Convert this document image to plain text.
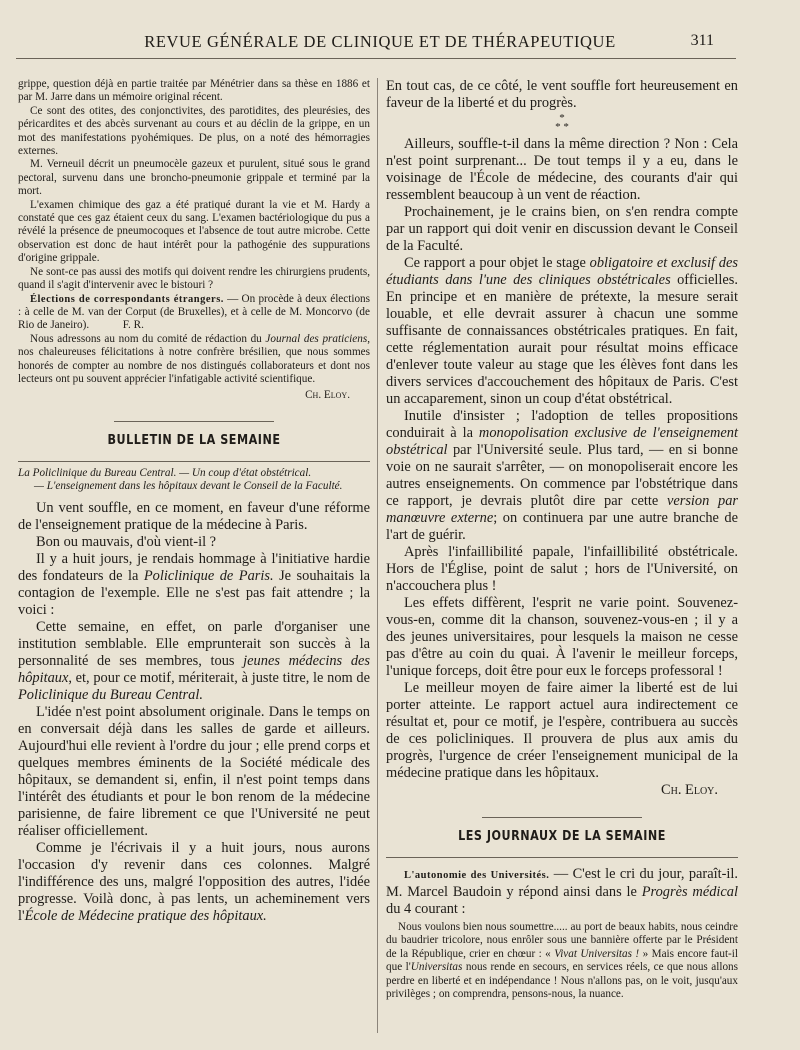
REVUE GÉNÉRALE DE CLINIQUE ET DE THÉRAPEUTIQUE	311

grippe, question déjà en partie traitée par Ménétrier dans sa thèse en 1886 et par M. Jarre dans un mémoire original récent.

Ce sont des otites, des conjonctivites, des parotidites, des pleurésies, des péricardites et des abcès survenant au cours et au déclin de la grippe, en un mot des manifestations pyohémiques. De plus, on a noté des hémorragies externes.

M. Verneuil décrit un pneumocèle gazeux et purulent, situé sous le grand pectoral, survenu dans une broncho-pneumonie grippale et terminé par la mort.

L'examen chimique des gaz a été pratiqué durant la vie et M. Hardy a constaté que ces gaz étaient ceux du sang. L'examen bactériologique du pus a révélé la présence de pneumocoques et l'absence de tout autre microbe. Cette observation est donc de haut intérêt pour la pathogénie des suppurations d'origine grippale.

Ne sont-ce pas aussi des motifs qui doivent rendre les chirurgiens prudents, quand il s'agit d'intervenir avec le bistouri ?

Élections de correspondants étrangers. — On procède à deux élections : à celle de M. van der Corput (de Bruxelles), et à celle de M. Moncorvo (de Rio de Janeiro).	F. R.

Nous adressons au nom du comité de rédaction du Journal des praticiens, nos chaleureuses félicitations à notre confrère brésilien, que nous sommes honorés de compter au nombre de nos distingués collaborateurs et dont nos lecteurs ont pu souvent apprécier l'infatigable activité scientifique.

Ch. Eloy.

BULLETIN DE LA SEMAINE

La Policlinique du Bureau Central. — Un coup d'état obstétrical.

— L'enseignement dans les hôpitaux devant le Conseil de la Faculté.

Un vent souffle, en ce moment, en faveur d'une réforme de l'enseignement pratique de la médecine à Paris.

Bon ou mauvais, d'où vient-il ?

Il y a huit jours, je rendais hommage à l'initiative hardie des fondateurs de la Policlinique de Paris. Je souhaitais la contagion de l'exemple. Elle ne s'est pas fait attendre ; la voici :

Cette semaine, en effet, on parle d'organiser une institution semblable. Elle emprunterait son succès à la personnalité de ses membres, tous jeunes médecins des hôpitaux, et, pour ce motif, mériterait, à juste titre, le nom de Policlinique du Bureau Central.

L'idée n'est point absolument originale. Dans le temps on en conversait déjà dans les salles de garde et ailleurs. Aujourd'hui elle revient à l'ordre du jour ; elle prend corps et quelques membres éminents de la Société médicale des hôpitaux, se demandent si, enfin, il n'est point temps dans l'intérêt des étudiants et pour le bon renom de la médecine parisienne, de faire librement ce que l'Université ne peut réaliser officiellement.

Comme je l'écrivais il y a huit jours, nous aurons l'occasion d'y revenir dans ces colonnes. Malgré l'indifférence des uns, malgré l'opposition des autres, l'idée progresse. Voilà donc, à pas lents, un acheminement vers l'École de Médecine pratique des hôpitaux.

En tout cas, de ce côté, le vent souffle fort heureusement en faveur de la liberté et du progrès.

*
* *

Ailleurs, souffle-t-il dans la même direction ? Non : Cela n'est point surprenant... De tout temps il y a eu, dans le voisinage de l'École de médecine, des courants d'air qui ressemblent beaucoup à un vent de réaction.

Prochainement, je le crains bien, on s'en rendra compte par un rapport qui doit venir en discussion devant le Conseil de la Faculté.

Ce rapport a pour objet le stage obligatoire et exclusif des étudiants dans l'une des cliniques obstétricales officielles. En principe et en manière de prétexte, la mesure serait louable, et elle devrait assurer à chacun une somme suffisante de connaissances obstétricales pratiques. En fait, cette réglementation aurait pour résultat moins efficace d'enlever toute valeur au stage que les élèves font dans les divers services d'accouchement des hôpitaux de Paris. C'est un accaparement, sinon un coup d'état obstétrical.

Inutile d'insister ; l'adoption de telles propositions conduirait à la monopolisation exclusive de l'enseignement obstétrical par l'Université seule. Plus tard, — en si bonne voie on ne saurait s'arrêter, — on monopoliserait encore les autres enseignements. On commence par l'obstétrique dans ce rapport, je devrais plutôt dire par cette version par manœuvre externe; on continuera par une autre branche de l'art de guérir.

Après l'infaillibilité papale, l'infaillibilité obstétricale. Hors de l'Église, point de salut ; hors de l'Université, on n'accouchera plus !

Les effets diffèrent, l'esprit ne varie point. Souvenez-vous-en, comme dit la chanson, souvenez-vous-en ; il y a des jeunes universitaires, pour lesquels la maison ne cesse pas d'être au coin du quai. À l'avenir le meilleur forceps, l'unique forceps, doit être pour eux le forceps professoral !

Le meilleur moyen de faire aimer la liberté est de lui porter atteinte. Le rapport actuel aura indirectement ce résultat et, pour ce motif, je l'espère, contribuera au succès de ces policliniques. Il prouvera de plus aux amis du progrès, l'urgence de créer l'enseignement municipal de la médecine pratique dans les hôpitaux.

Ch. Eloy.

LES JOURNAUX DE LA SEMAINE

L'autonomie des Universités. — C'est le cri du jour, paraît-il. M. Marcel Baudoin y répond ainsi dans le Progrès médical du 4 courant :

Nous voulons bien nous soumettre..... au port de beaux habits, nous ceindre du baudrier tricolore, nous enrôler sous une bannière offerte par le Président de la République, crier en chœur : « Vivat Universitas ! » Mais encore faut-il que l'Universitas nous rende en secours, en services réels, ce que nous allons perdre en liberté et en indépendance ! Nous n'allons pas, on le voit, jusqu'aux privilèges ; on comprendra, pensons-nous, la nuance.
